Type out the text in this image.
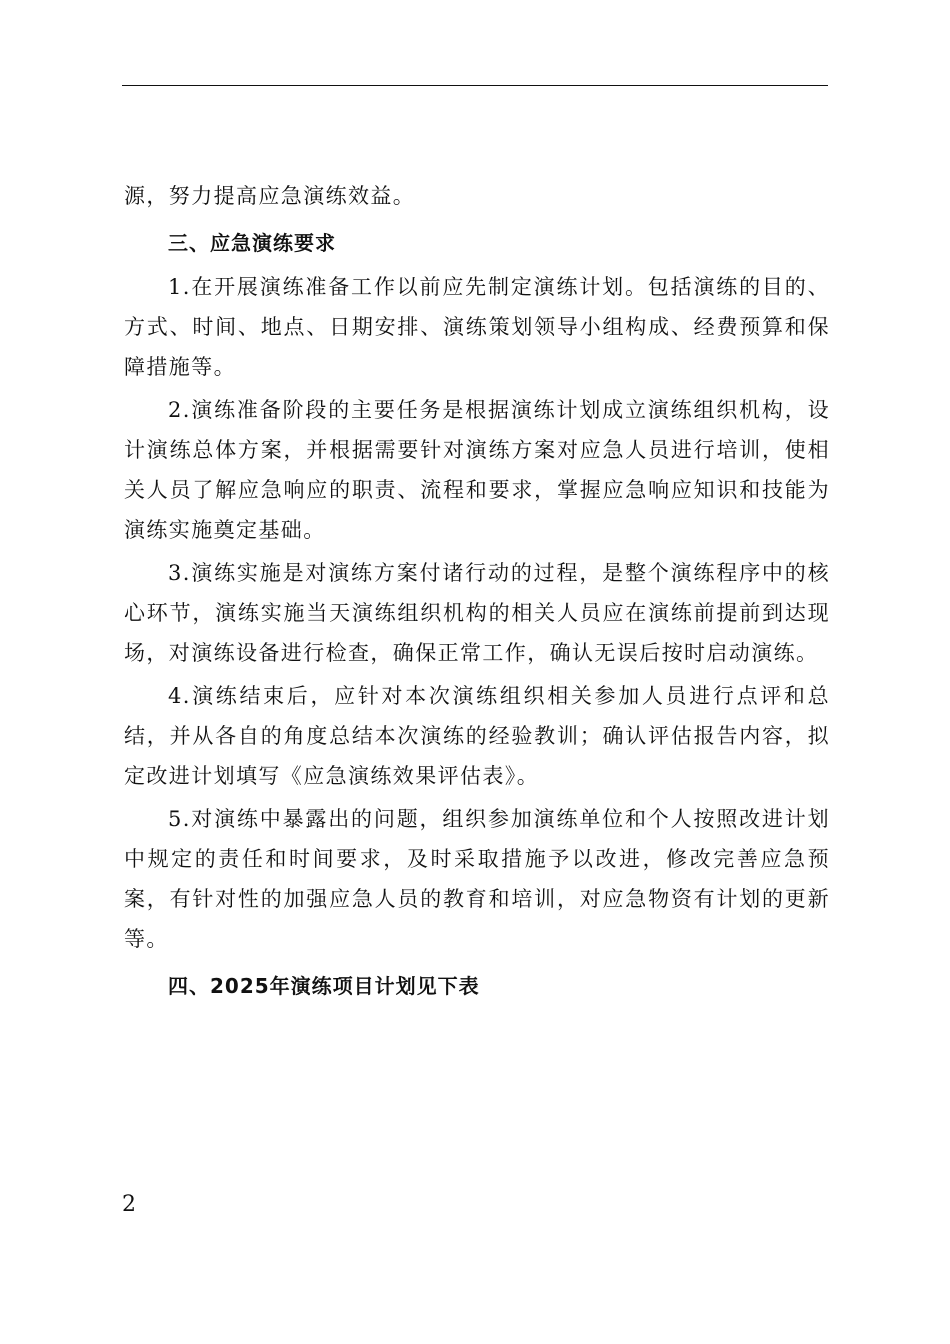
源，努力提高应急演练效益。

三、应急演练要求

1.在开展演练准备工作以前应先制定演练计划。包括演练的目的、方式、时间、地点、日期安排、演练策划领导小组构成、经费预算和保障措施等。

2.演练准备阶段的主要任务是根据演练计划成立演练组织机构，设计演练总体方案，并根据需要针对演练方案对应急人员进行培训，使相关人员了解应急响应的职责、流程和要求，掌握应急响应知识和技能为演练实施奠定基础。

3.演练实施是对演练方案付诸行动的过程，是整个演练程序中的核心环节，演练实施当天演练组织机构的相关人员应在演练前提前到达现场，对演练设备进行检查，确保正常工作，确认无误后按时启动演练。

4.演练结束后，应针对本次演练组织相关参加人员进行点评和总结，并从各自的角度总结本次演练的经验教训；确认评估报告内容，拟定改进计划填写《应急演练效果评估表》。

5.对演练中暴露出的问题，组织参加演练单位和个人按照改进计划中规定的责任和时间要求，及时采取措施予以改进，修改完善应急预案，有针对性的加强应急人员的教育和培训，对应急物资有计划的更新等。

四、2025年演练项目计划见下表

2
